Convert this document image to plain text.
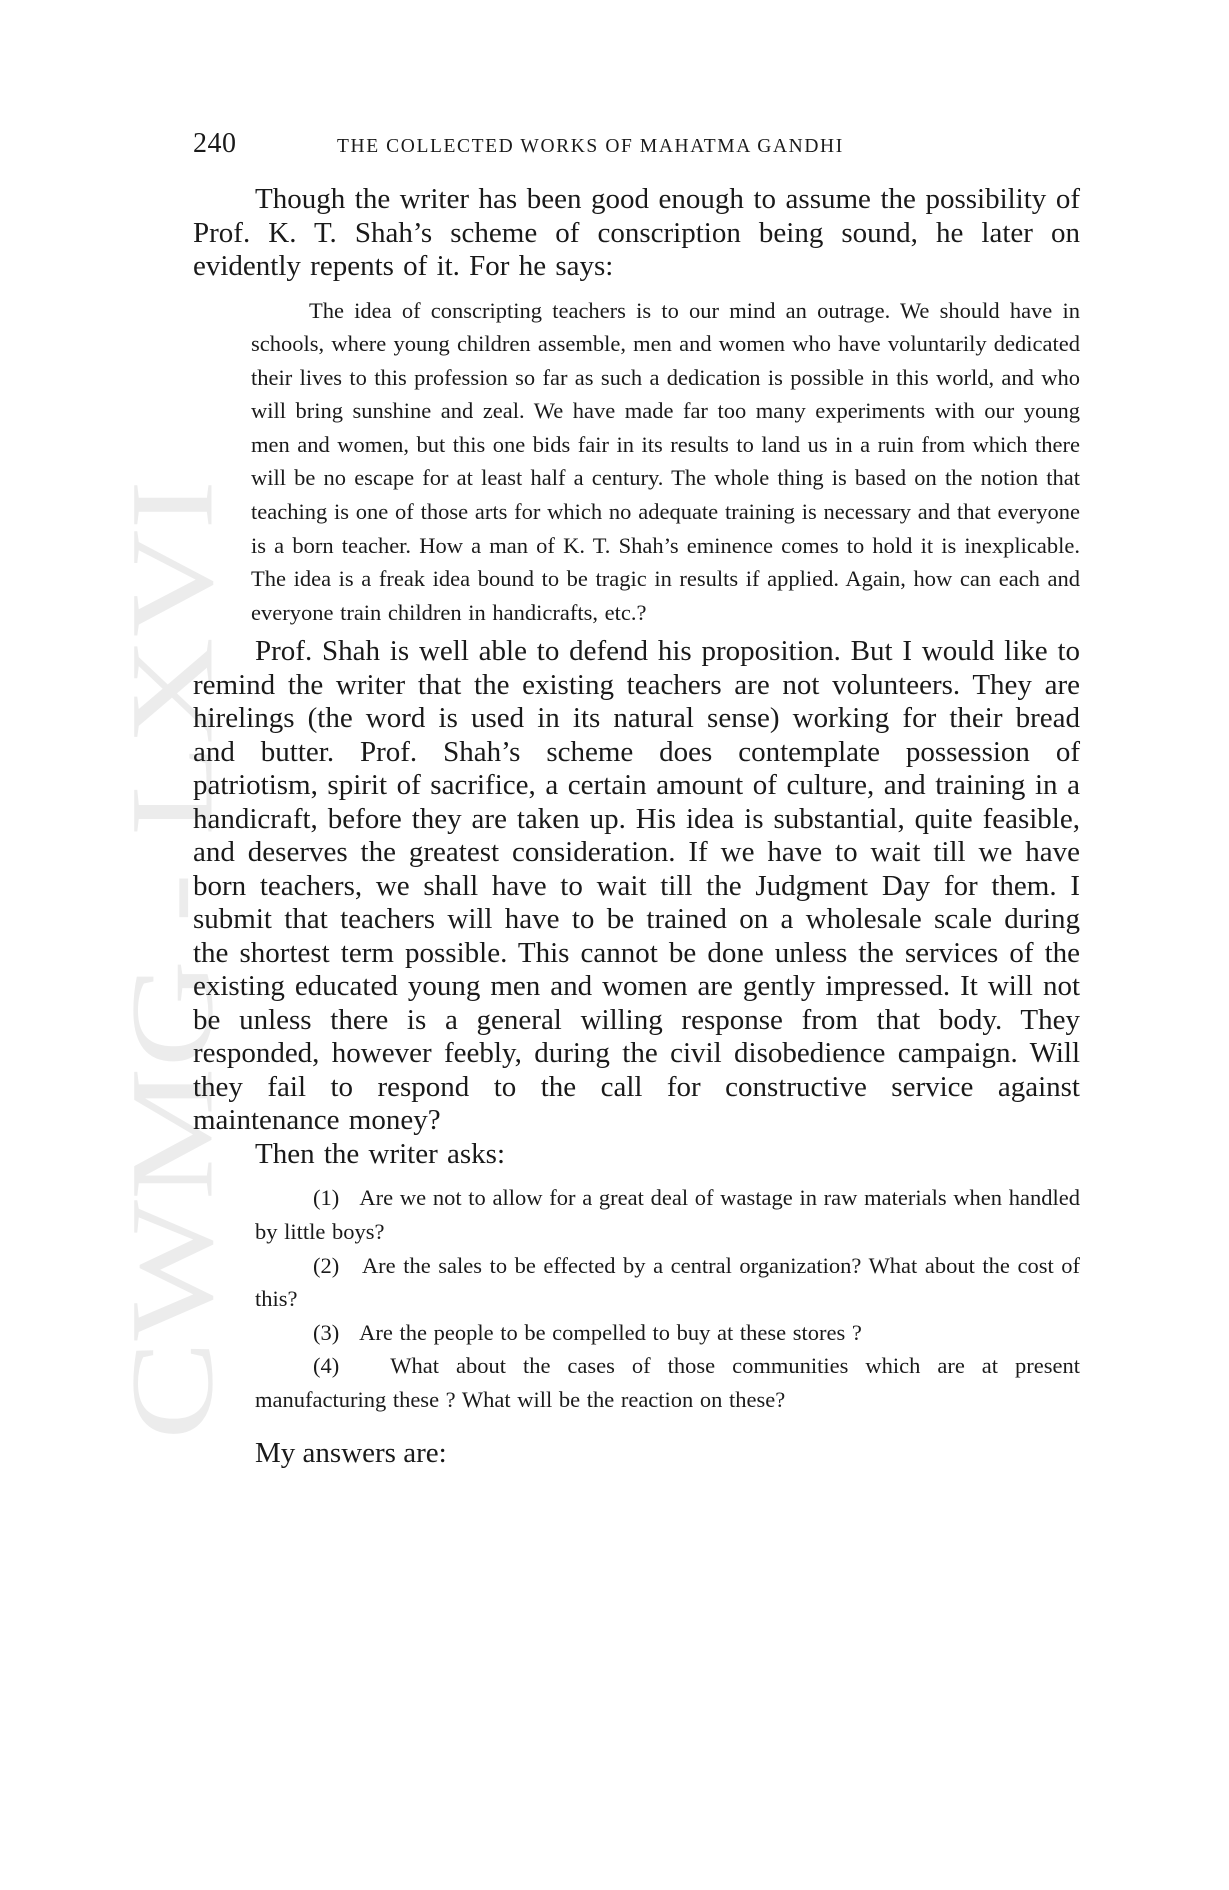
CWMG - LXVI
240	THE COLLECTED WORKS OF MAHATMA GANDHI

Though the writer has been good enough to assume the possibility of Prof. K. T. Shah’s scheme of conscription being sound, he later on evidently repents of it. For he says:

The idea of conscripting teachers is to our mind an outrage. We should have in schools, where young children assemble, men and women who have voluntarily dedicated their lives to this profession so far as such a dedication is possible in this world, and who will bring sunshine and zeal. We have made far too many experiments with our young men and women, but this one bids fair in its results to land us in a ruin from which there will be no escape for at least half a century. The whole thing is based on the notion that teaching is one of those arts for which no adequate training is necessary and that everyone is a born teacher. How a man of K. T. Shah’s eminence comes to hold it is inexplicable. The idea is a freak idea bound to be tragic in results if applied. Again, how can each and everyone train children in handicrafts, etc.?

Prof. Shah is well able to defend his proposition. But I would like to remind the writer that the existing teachers are not volunteers. They are hirelings (the word is used in its natural sense) working for their bread and butter. Prof. Shah’s scheme does contemplate possession of patriotism, spirit of sacrifice, a certain amount of culture, and training in a handicraft, before they are taken up. His idea is substantial, quite feasible, and deserves the greatest consideration. If we have to wait till we have born teachers, we shall have to wait till the Judgment Day for them. I submit that teachers will have to be trained on a wholesale scale during the shortest term possible. This cannot be done unless the services of the existing educated young men and women are gently impressed. It will not be unless there is a general willing response from that body. They responded, however feebly, during the civil disobedience campaign. Will they fail to respond to the call for constructive service against maintenance money?

Then the writer asks:

(1) Are we not to allow for a great deal of wastage in raw materials when handled by little boys?
(2) Are the sales to be effected by a central organization? What about the cost of this?
(3) Are the people to be compelled to buy at these stores ?
(4) What about the cases of those communities which are at present manufacturing these ? What will be the reaction on these?

My answers are:
